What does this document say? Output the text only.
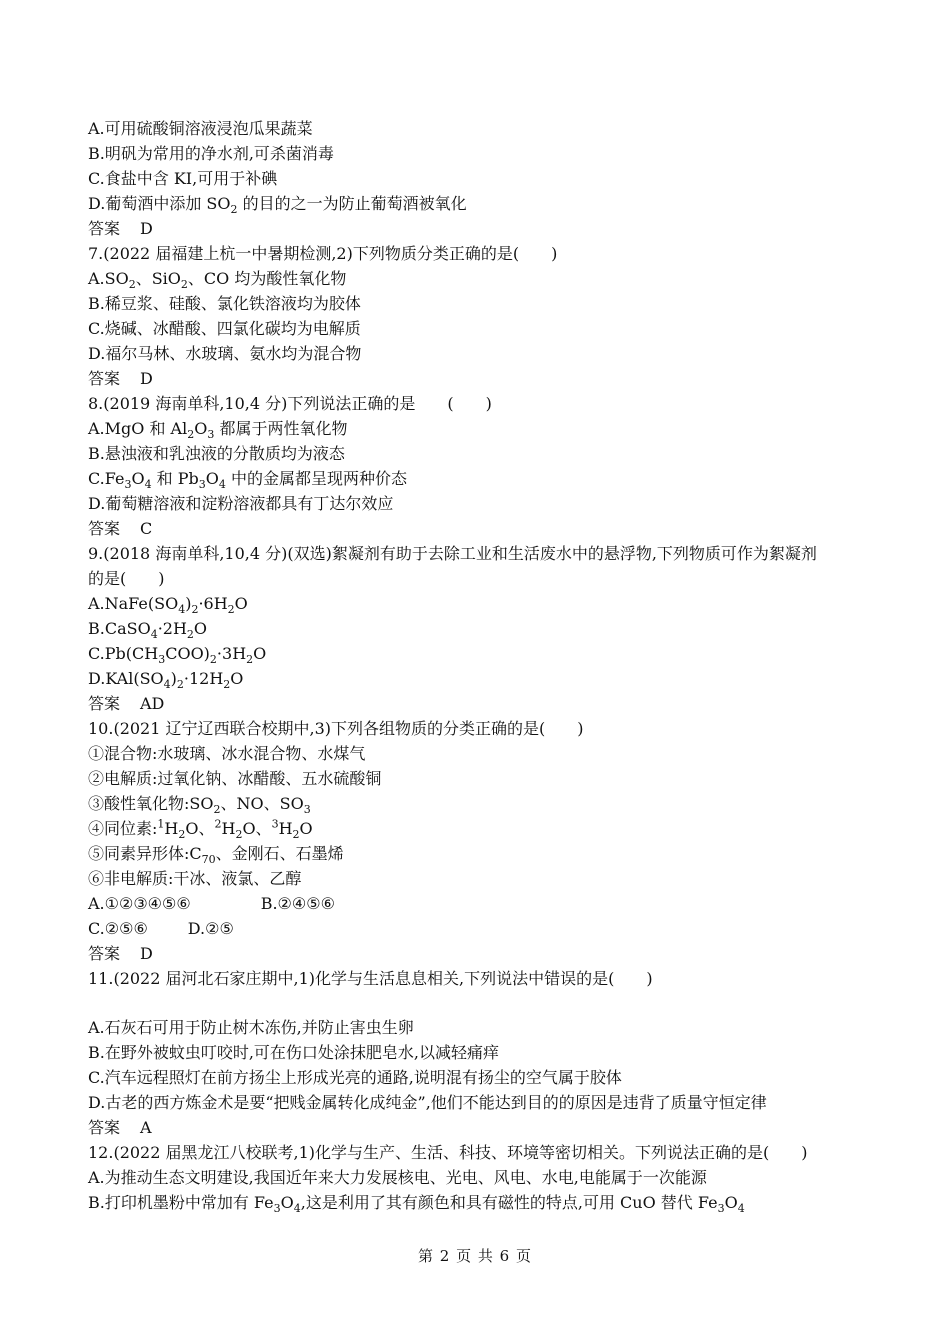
A.可用硫酸铜溶液浸泡瓜果蔬菜
B.明矾为常用的净水剂,可杀菌消毒
C.食盐中含 KI,可用于补碘
D.葡萄酒中添加 $SO_2$ 的目的之一为防止葡萄酒被氧化
答案 D
7.(2022 届福建上杭一中暑期检测,2)下列物质分类正确的是(　　)
$A.SO_2$、SiO$_2$、CO 均为酸性氧化物
B.稀豆浆、硅酸、氯化铁溶液均为胶体
C.烧碱、冰醋酸、四氯化碳均为电解质
D.福尔马林、水玻璃、氨水均为混合物
答案 D
8.(2019 海南单科,10,4 分)下列说法正确的是　　(　　)
A.MgO 和 $Al_2O_3$ 都属于两性氧化物
B.悬浊液和乳浊液的分散质均为液态
$C.Fe_3O_4$ 和 $Pb_3O_4$ 中的金属都呈现两种价态
D.葡萄糖溶液和淀粉溶液都具有丁达尔效应
答案 C
9.(2018 海南单科,10,4 分)(双选)絮凝剂有助于去除工业和生活废水中的悬浮物,下列物质可作为絮凝剂
的是(　　)
$A.NaFe(SO_4)_2\cdot 6H_2O$
$B.CaSO_4\cdot 2H_2O$
$C.Pb(CH_3COO)_2\cdot 3H_2O$
$D.KAl(SO_4)_2\cdot 12H_2O$
答案 AD
10.(2021 辽宁辽西联合校期中,3)下列各组物质的分类正确的是(　　)
①混合物:水玻璃、冰水混合物、水煤气
②电解质:过氧化钠、冰醋酸、五水硫酸铜
③酸性氧化物$:SO_2$、NO、$SO_3$
④同位素$:^1H_2O$、$^2H_2O$、$^3H_2O$
⑤同素异形体$:C_{70}$、金刚石、石墨烯
⑥非电解质:干冰、液氯、乙醇
A.①②③④⑤⑥	B.②④⑤⑥
C.②⑤⑥	D.②⑤
答案 D
11.(2022 届河北石家庄期中,1)化学与生活息息相关,下列说法中错误的是(　　)
A.石灰石可用于防止树木冻伤,并防止害虫生卵
B.在野外被蚊虫叮咬时,可在伤口处涂抹肥皂水,以减轻痛痒
C.汽车远程照灯在前方扬尘上形成光亮的通路,说明混有扬尘的空气属于胶体
D.古老的西方炼金术是要“把贱金属转化成纯金”,他们不能达到目的的原因是违背了质量守恒定律
答案 A
12.(2022 届黑龙江八校联考,1)化学与生产、生活、科技、环境等密切相关。下列说法正确的是(　　)
A.为推动生态文明建设,我国近年来大力发展核电、光电、风电、水电,电能属于一次能源
B.打印机墨粉中常加有 $Fe_3O_4$,这是利用了其有颜色和具有磁性的特点,可用 CuO 替代 $Fe_3O_4$
第 2 页 共 6 页
